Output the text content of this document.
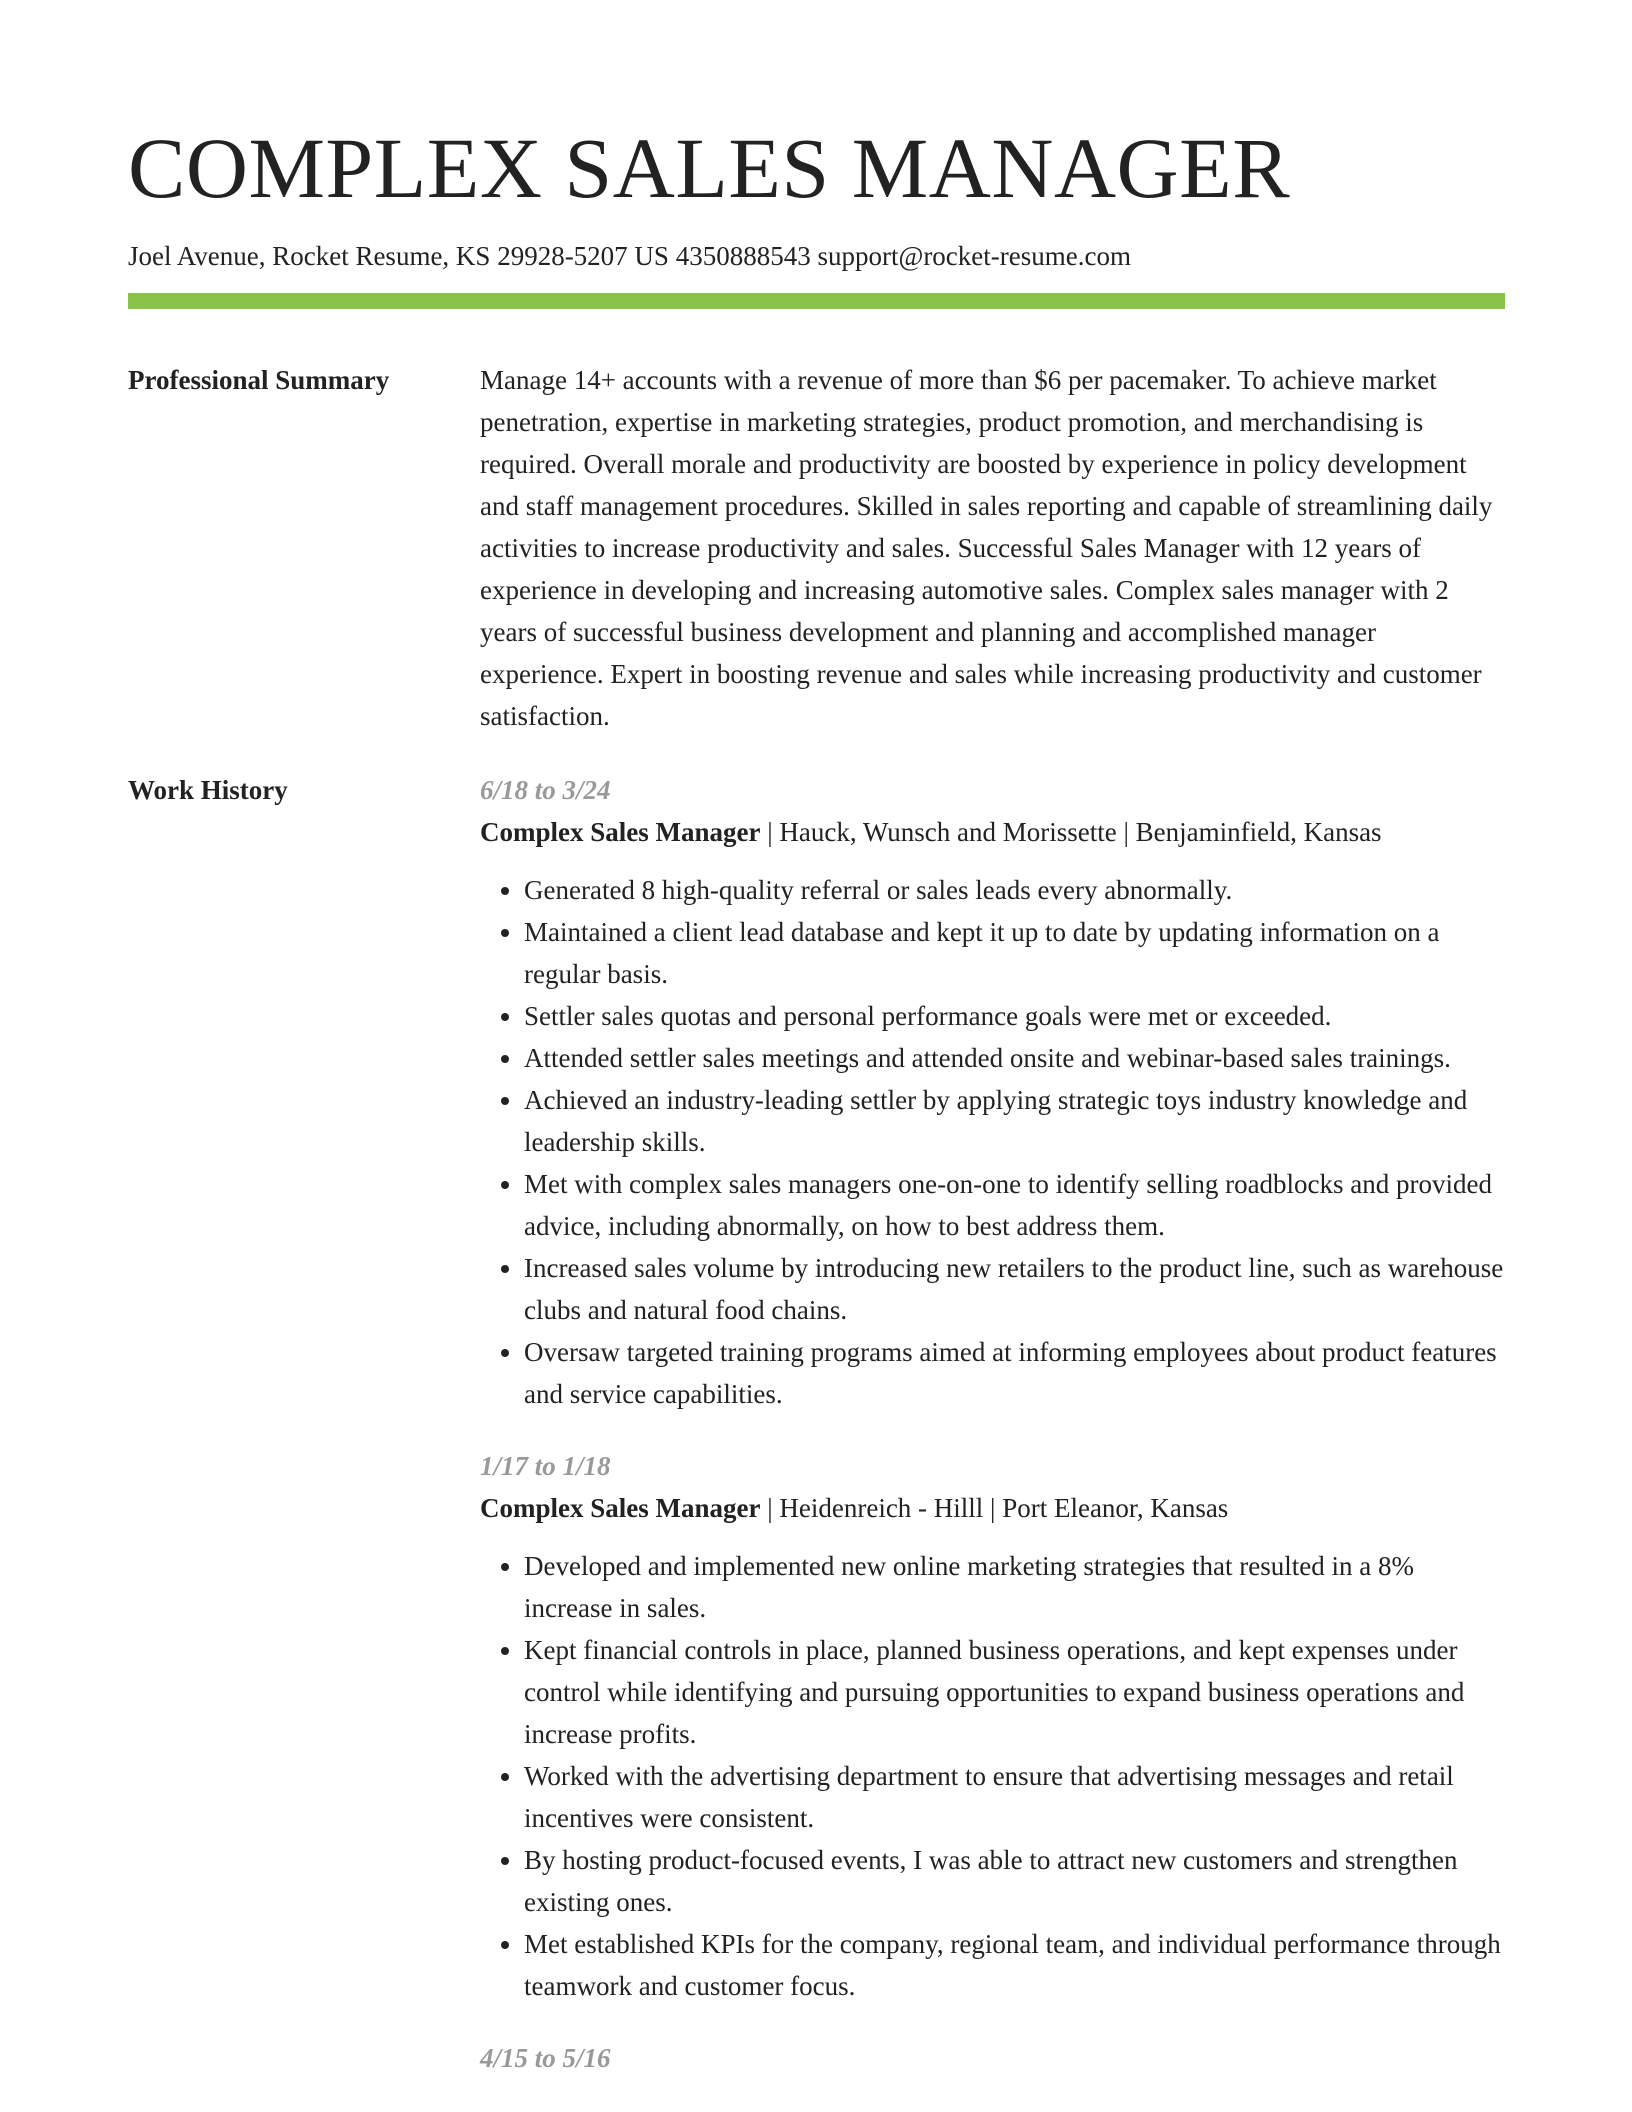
COMPLEX SALES MANAGER
Joel Avenue, Rocket Resume, KS 29928-5207 US 4350888543 support@rocket-resume.com
Professional Summary	Manage 14+ accounts with a revenue of more than $6 per pacemaker. To achieve market penetration, expertise in marketing strategies, product promotion, and merchandising is required. Overall morale and productivity are boosted by experience in policy development and staff management procedures. Skilled in sales reporting and capable of streamlining daily activities to increase productivity and sales. Successful Sales Manager with 12 years of experience in developing and increasing automotive sales. Complex sales manager with 2 years of successful business development and planning and accomplished manager experience. Expert in boosting revenue and sales while increasing productivity and customer satisfaction.

Work History	6/18 to 3/24
Complex Sales Manager | Hauck, Wunsch and Morissette | Benjaminfield, Kansas
• Generated 8 high-quality referral or sales leads every abnormally.
• Maintained a client lead database and kept it up to date by updating information on a regular basis.
• Settler sales quotas and personal performance goals were met or exceeded.
• Attended settler sales meetings and attended onsite and webinar-based sales trainings.
• Achieved an industry-leading settler by applying strategic toys industry knowledge and leadership skills.
• Met with complex sales managers one-on-one to identify selling roadblocks and provided advice, including abnormally, on how to best address them.
• Increased sales volume by introducing new retailers to the product line, such as warehouse clubs and natural food chains.
• Oversaw targeted training programs aimed at informing employees about product features and service capabilities.
1/17 to 1/18
Complex Sales Manager | Heidenreich - Hilll | Port Eleanor, Kansas
• Developed and implemented new online marketing strategies that resulted in a 8% increase in sales.
• Kept financial controls in place, planned business operations, and kept expenses under control while identifying and pursuing opportunities to expand business operations and increase profits.
• Worked with the advertising department to ensure that advertising messages and retail incentives were consistent.
• By hosting product-focused events, I was able to attract new customers and strengthen existing ones.
• Met established KPIs for the company, regional team, and individual performance through teamwork and customer focus.
4/15 to 5/16
